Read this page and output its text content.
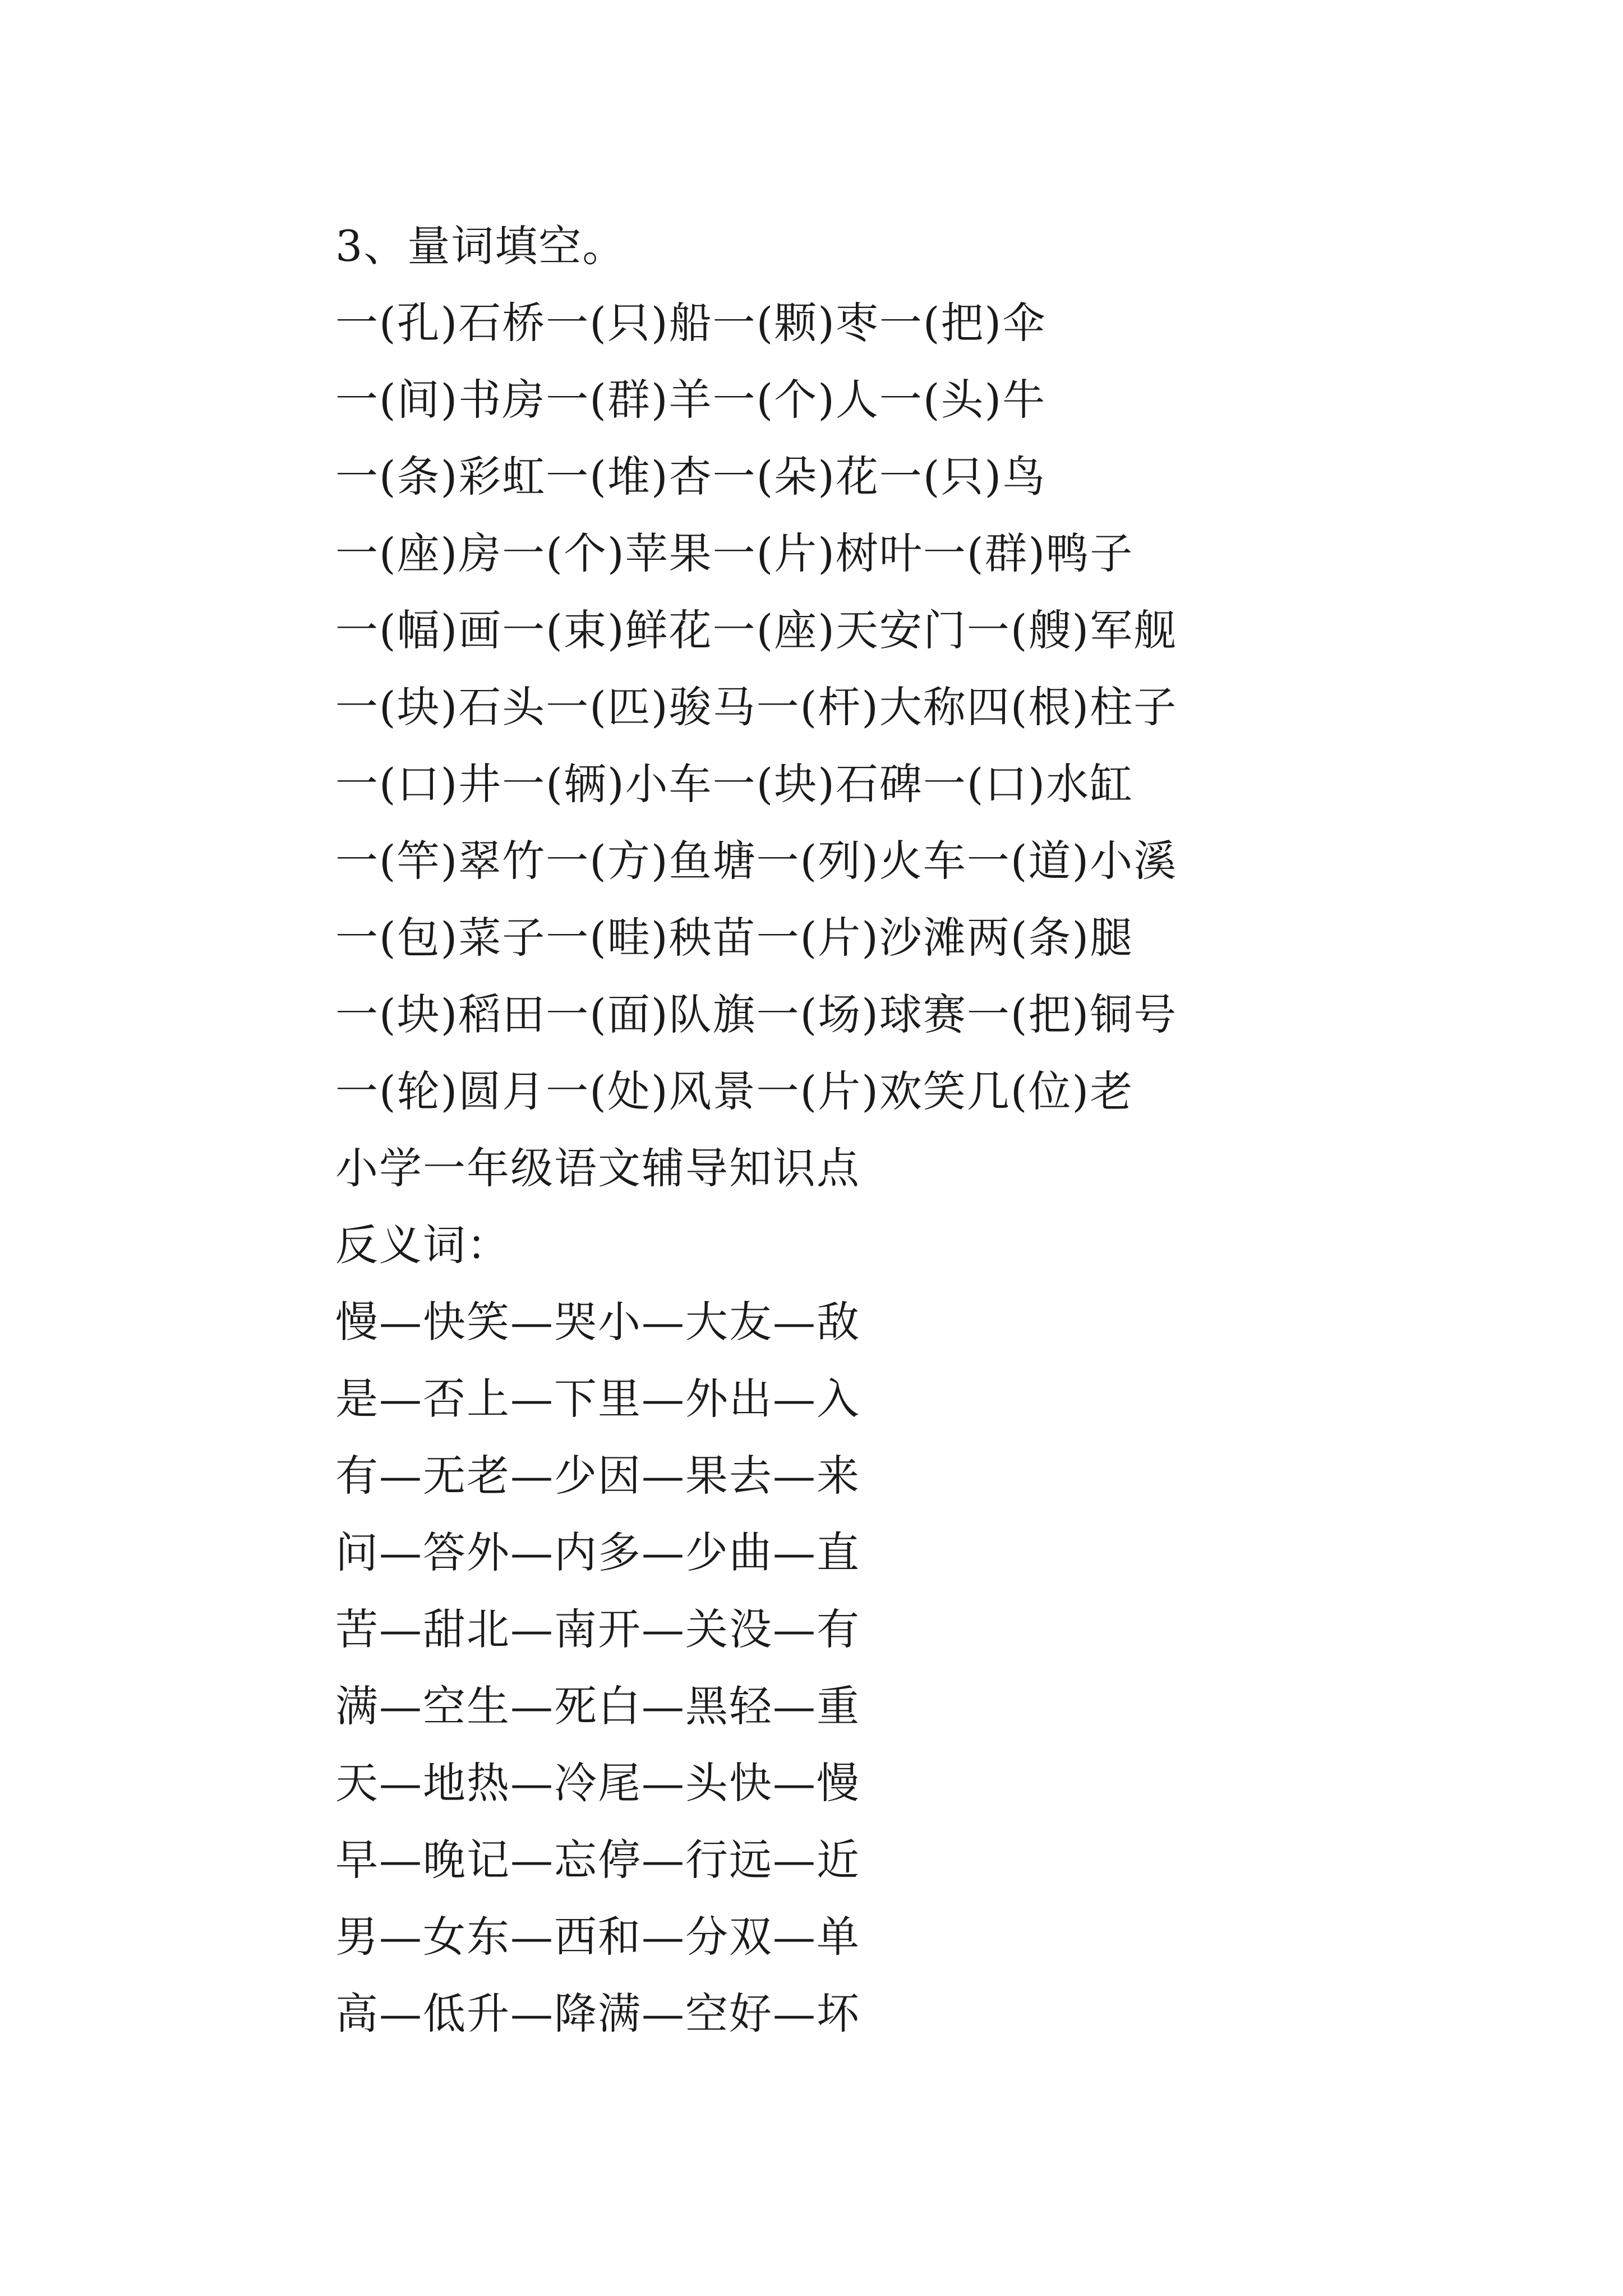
3、量词填空。
一(孔)石桥一(只)船一(颗)枣一(把)伞
一(间)书房一(群)羊一(个)人一(头)牛
一(条)彩虹一(堆)杏一(朵)花一(只)鸟
一(座)房一(个)苹果一(片)树叶一(群)鸭子
一(幅)画一(束)鲜花一(座)天安门一(艘)军舰
一(块)石头一(匹)骏马一(杆)大称四(根)柱子
一(口)井一(辆)小车一(块)石碑一(口)水缸
一(竿)翠竹一(方)鱼塘一(列)火车一(道)小溪
一(包)菜子一(畦)秧苗一(片)沙滩两(条)腿
一(块)稻田一(面)队旗一(场)球赛一(把)铜号
一(轮)圆月一(处)风景一(片)欢笑几(位)老
小学一年级语文辅导知识点
反义词：
慢—快笑—哭小—大友—敌
是—否上—下里—外出—入
有—无老—少因—果去—来
问—答外—内多—少曲—直
苦—甜北—南开—关没—有
满—空生—死白—黑轻—重
天—地热—冷尾—头快—慢
早—晚记—忘停—行远—近
男—女东—西和—分双—单
高—低升—降满—空好—坏
